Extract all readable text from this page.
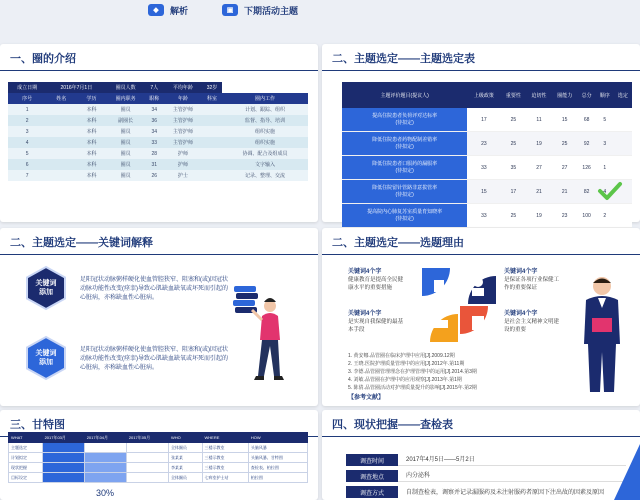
◆	解析	▣	下期活动主题
一、圈的介绍
成立日期	2016年7月1日		圈员人数	7人	平均年龄	32岁	
序号	姓名	学历	圈内职务	职称	年龄	科室	圈内工作
1		本科	圈员	34	主管护师		计划、跟踪、组织
2		本科	副圈长	36	主管护师		监督、指导、培训
3		本科	圈员	34	主管护师		组织实施
4		本科	圈员	33	主管护师		组织实施
5		本科	圈员	28	护师		协调、配合及组成员
6		本科	圈员	31	护师		文字输入
7		本科	圈员	26	护士		记录、整理、交流
二、主题选定——主题选定表
主题评价题目(提议人)	上级政策	重要性	迫切性	圈能力	总分	顺序	选定
提高住院患者负荷评对达标率
(待拟定)	17	25	11	15	68	5	
降低住院患者药物配制差错率
(待拟定)	23	25	19	25	92	3	
降低住院患者口服药的漏服率
(待拟定)	33	35	27	27	126	1	
降低住院留针管路非意拔管率
(待拟定)	15	17	21	21	82	4	
提高院内心肺复苏室质量育知晓率
(待拟定)	33	25	19	23	100	2	
二、主题选定——关键词解释
关键词
添加
足阳冠状动脉粥样硬化使血管腔狭窄、阻塞和(或)因冠状动脉功能性改变(痉挛)导致心肌缺血缺氧或坏死而引起的心脏病，亦称缺血性心脏病。
关键词
添加
足阳冠状动脉粥样硬化使血管腔狭窄、阻塞和(或)因冠状动脉功能性改变(痉挛)导致心肌缺血缺氧或坏死而引起的心脏病，亦称缺血性心脏病。
二、主题选定——选题理由
关键词4个字
健康教育是提高全民健康水平的重要措施
关键词4个字
是实现自我保健的最基本手段
关键词4个字
是保证各项行业保健工作的重要保证
关键词4个字
是社会主义精神文明建设的重要
1. 黄安娜.品管圈在临床护理中应用[J].2009.12期
2. 王晓.医院护理质量管理中的应用[J].2012年.第11期
3. 李德.品管圈管理理念在护理管理中的运用[J].2014.第3期
4. 刘敏.品管圈在护理中的应用观察[J].2013年.第1期
5. 陈倩.品管圈活动对护理质量提升的影响[J].2015年.第2期
【参考文献】
三、甘特图
WHAT	2017年03月	2017年04月	2017年05月	WHO	WHERE	HOW
主题选定				全体圈员	三楼示教室	头脑风暴
计划拟定				张某某	三楼示教室	头脑风暴、甘特图
现状把握				李某某	三楼示教室	查检表、柏拉图
目标设定				全体圈员	七病室护士站	柏拉图
30%
四、现状把握——查检表
调查时间	2017年4月5日——5月2日
调查地点	内分泌科
调查方式	自制查检表，调察并记录漏服药及未注射服药者原因下注出故的因素及原因
